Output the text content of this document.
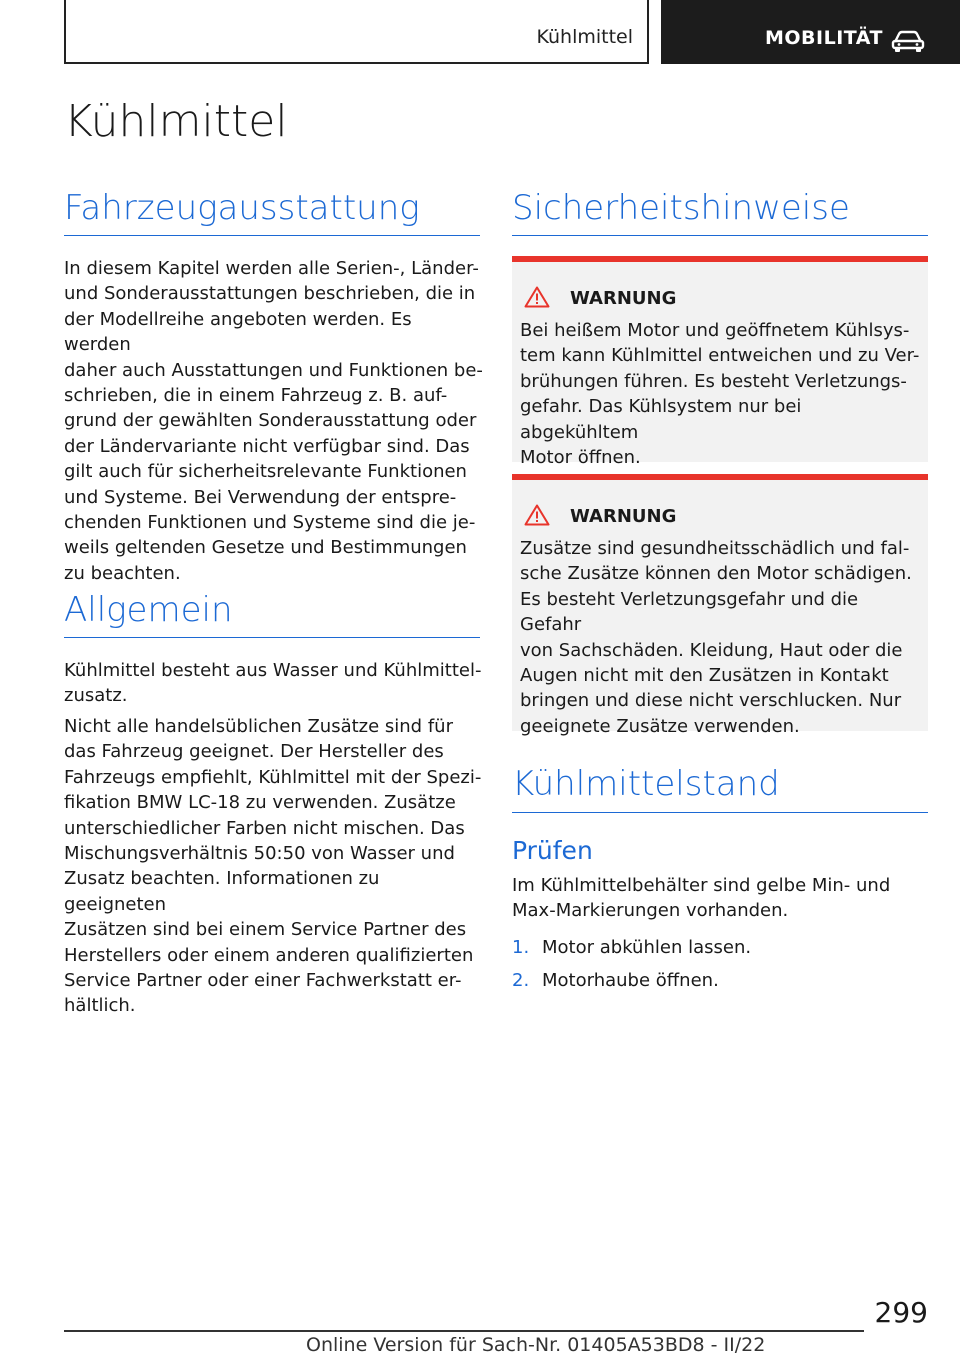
Kühlmittel	MOBILITÄT
Kühlmittel
Fahrzeugausstattung
In diesem Kapitel werden alle Serien-, Länder-
und Sonderausstattungen beschrieben, die in
der Modellreihe angeboten werden. Es werden
daher auch Ausstattungen und Funktionen be-
schrieben, die in einem Fahrzeug z. B. auf-
grund der gewählten Sonderausstattung oder
der Ländervariante nicht verfügbar sind. Das
gilt auch für sicherheitsrelevante Funktionen
und Systeme. Bei Verwendung der entspre-
chenden Funktionen und Systeme sind die je-
weils geltenden Gesetze und Bestimmungen
zu beachten.
Allgemein
Kühlmittel besteht aus Wasser und Kühlmittel-
zusatz.
Nicht alle handelsüblichen Zusätze sind für
das Fahrzeug geeignet. Der Hersteller des
Fahrzeugs empfiehlt, Kühlmittel mit der Spezi-
fikation BMW LC-18 zu verwenden. Zusätze
unterschiedlicher Farben nicht mischen. Das
Mischungsverhältnis 50:50 von Wasser und
Zusatz beachten. Informationen zu geeigneten
Zusätzen sind bei einem Service Partner des
Herstellers oder einem anderen qualifizierten
Service Partner oder einer Fachwerkstatt er-
hältlich.
Sicherheitshinweise
WARNUNG
Bei heißem Motor und geöffnetem Kühlsys-
tem kann Kühlmittel entweichen und zu Ver-
brühungen führen. Es besteht Verletzungs-
gefahr. Das Kühlsystem nur bei abgekühltem
Motor öffnen.
WARNUNG
Zusätze sind gesundheitsschädlich und fal-
sche Zusätze können den Motor schädigen.
Es besteht Verletzungsgefahr und die Gefahr
von Sachschäden. Kleidung, Haut oder die
Augen nicht mit den Zusätzen in Kontakt
bringen und diese nicht verschlucken. Nur
geeignete Zusätze verwenden.
Kühlmittelstand
Prüfen
Im Kühlmittelbehälter sind gelbe Min- und
Max-Markierungen vorhanden.
1. Motor abkühlen lassen.
2. Motorhaube öffnen.
299
Online Version für Sach-Nr. 01405A53BD8 - II/22
